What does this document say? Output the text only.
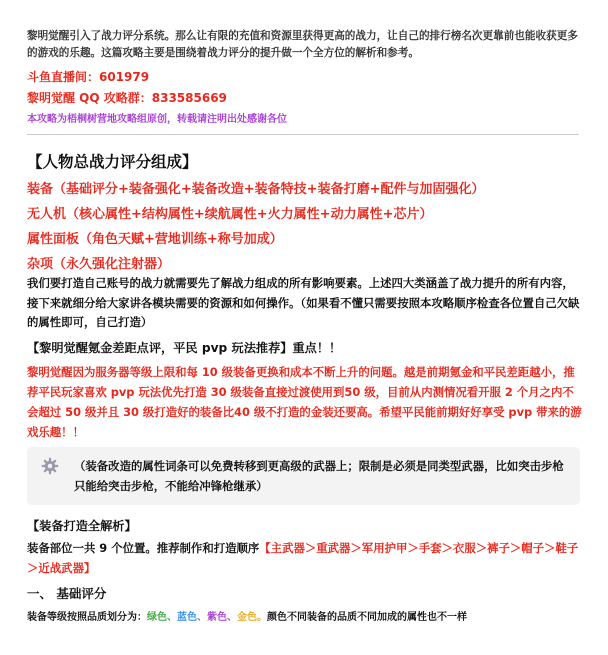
黎明觉醒引入了战力评分系统。那么让有限的充值和资源里获得更高的战力，让自己的排行榜名次更靠前也能收获更多的游戏的乐趣。这篇攻略主要是围绕着战力评分的提升做一个全方位的解析和参考。
斗鱼直播间：601979
黎明觉醒 QQ 攻略群：833585669
本攻略为梧桐树营地攻略组原创，转载请注明出处感谢各位
【人物总战力评分组成】
装备（基础评分+装备强化+装备改造+装备特技+装备打磨+配件与加固强化）
无人机（核心属性+结构属性+续航属性+火力属性+动力属性+芯片）
属性面板（角色天赋+营地训练+称号加成）
杂项（永久强化注射器）
我们要打造自己账号的战力就需要先了解战力组成的所有影响要素。上述四大类涵盖了战力提升的所有内容，接下来就细分给大家讲各模块需要的资源和如何操作。（如果看不懂只需要按照本攻略顺序检查各位置自己欠缺的属性即可，自己打造）
【黎明觉醒氪金差距点评，平民 pvp 玩法推荐】重点！！
黎明觉醒因为服务器等级上限和每 10 级装备更换和成本不断上升的问题。越是前期氪金和平民差距越小，推荐平民玩家喜欢 pvp 玩法优先打造 30 级装备直接过渡使用到50 级，目前从内测情况看开服 2 个月之内不会超过 50 级并且 30 级打造好的装备比40 级不打造的金装还要高。希望平民能前期好好享受 pvp 带来的游戏乐趣！！
（装备改造的属性词条可以免费转移到更高级的武器上；限制是必须是同类型武器，比如突击步枪只能给突击步枪，不能给冲锋枪继承）
【装备打造全解析】
装备部位一共 9 个位置。推荐制作和打造顺序【主武器＞重武器＞军用护甲＞手套＞衣服＞裤子＞帽子＞鞋子＞近战武器】
一、 基础评分
装备等级按照品质划分为：绿色、蓝色、紫色、金色。颜色不同装备的品质不同加成的属性也不一样
